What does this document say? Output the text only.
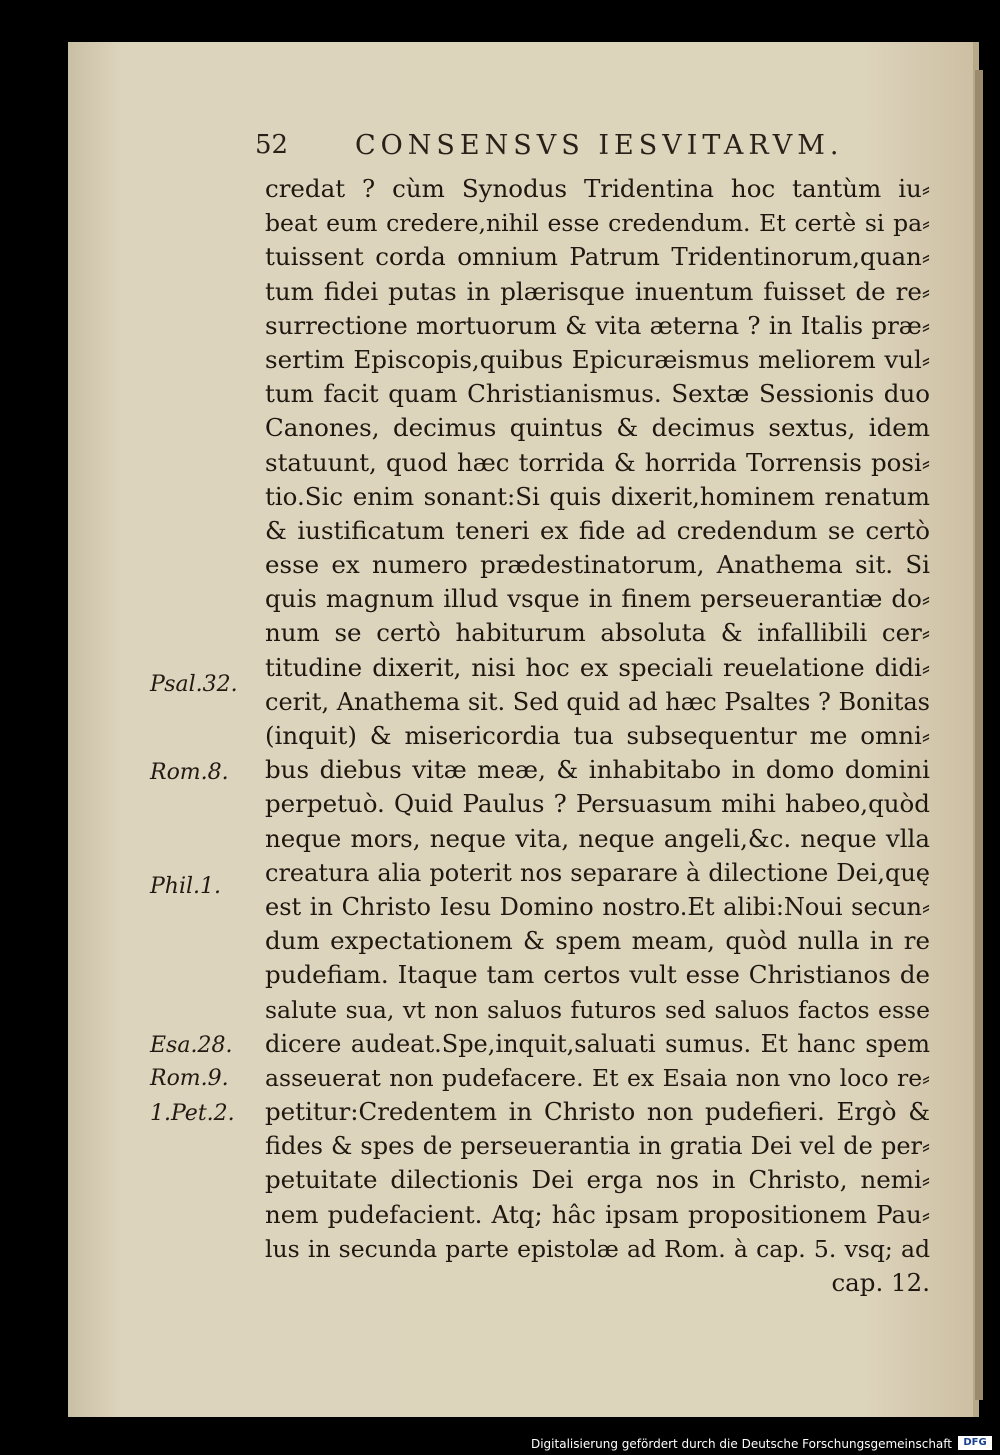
52 CONSENSVS IESVITARVM.
credat ? cùm Synodus Tridentina hoc tantùm iu⸗
beat eum credere,nihil esse credendum. Et certè si pa⸗
tuissent corda omnium Patrum Tridentinorum,quan⸗
tum fidei putas in plærisque inuentum fuisset de re⸗
surrectione mortuorum & vita æterna ? in Italis præ⸗
sertim Episcopis,quibus Epicuræismus meliorem vul⸗
tum facit quam Christianismus. Sextæ Sessionis duo
Canones, decimus quintus & decimus sextus, idem
statuunt, quod hæc torrida & horrida Torrensis posi⸗
tio.Sic enim sonant:Si quis dixerit,hominem renatum
& iustificatum teneri ex fide ad credendum se certò
esse ex numero prædestinatorum, Anathema sit. Si
quis magnum illud vsque in finem perseuerantiæ do⸗
num se certò habiturum absoluta & infallibili cer⸗
titudine dixerit, nisi hoc ex speciali reuelatione didi⸗
cerit, Anathema sit. Sed quid ad hæc Psaltes ? Bonitas
(inquit) & misericordia tua subsequentur me omni⸗
bus diebus vitæ meæ, & inhabitabo in domo domini
perpetuò. Quid Paulus ? Persuasum mihi habeo,quòd
neque mors, neque vita, neque angeli,&c. neque vlla
creatura alia poterit nos separare à dilectione Dei,quę
est in Christo Iesu Domino nostro.Et alibi:Noui secun⸗
dum expectationem & spem meam, quòd nulla in re
pudefiam. Itaque tam certos vult esse Christianos de
salute sua, vt non saluos futuros sed saluos factos esse
dicere audeat.Spe,inquit,saluati sumus. Et hanc spem
asseuerat non pudefacere. Et ex Esaia non vno loco re⸗
petitur:Credentem in Christo non pudefieri. Ergò &
fides & spes de perseuerantia in gratia Dei vel de per⸗
petuitate dilectionis Dei erga nos in Christo, nemi⸗
nem pudefacient. Atq; hâc ipsam propositionem Pau⸗
lus in secunda parte epistolæ ad Rom. à cap. 5. vsq; ad
cap. 12.
Psal.32.
Rom.8.
Phil.1.
Esa.28.
Rom.9.
1.Pet.2.
Digitalisierung gefördert durch die Deutsche Forschungsgemeinschaft	DFG
